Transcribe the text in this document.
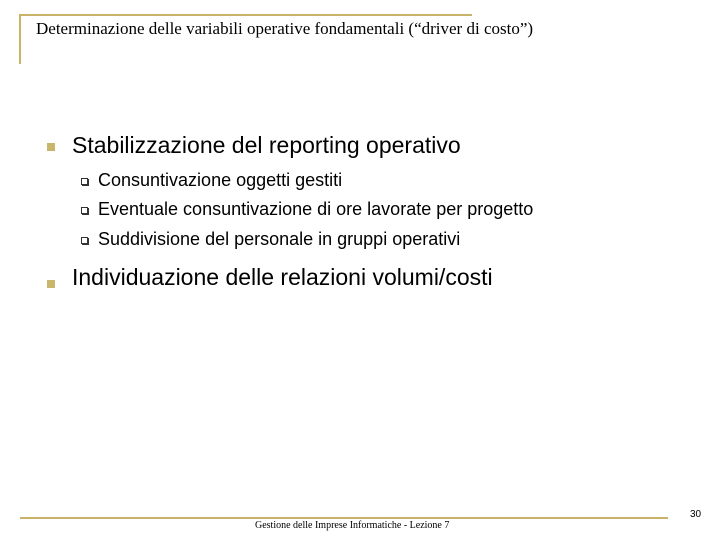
Determinazione delle variabili operative fondamentali (“driver di costo”)
Stabilizzazione del reporting operativo
Consuntivazione oggetti gestiti
Eventuale consuntivazione di ore lavorate per progetto
Suddivisione del personale in gruppi operativi
Individuazione delle relazioni volumi/costi
Gestione delle Imprese Informatiche - Lezione 7
30
